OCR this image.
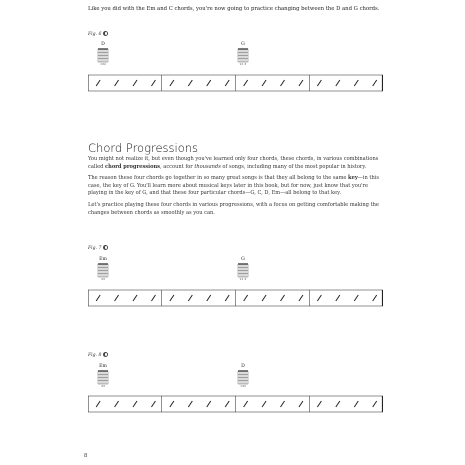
Like you did with the Em and C chords, you're now going to practice changing between the D and G chords.
Fig. 6
D
132
G
21 3
Chord Progressions
You might not realize it, but even though you've learned only four chords, these chords, in various combinations called chord progressions, account for thousands of songs, including many of the most popular in history.
The reason these four chords go together in so many great songs is that they all belong to the same key—in this case, the key of G. You'll learn more about musical keys later in this book, but for now, just know that you're playing in the key of G, and that these four particular chords—G, C, D, Em—all belong to that key.
Let's practice playing these four chords in various progressions, with a focus on getting comfortable making the changes between chords as smoothly as you can.
Fig. 7
Em
23
G
21 3
Fig. 8
Em
23
D
132
8
